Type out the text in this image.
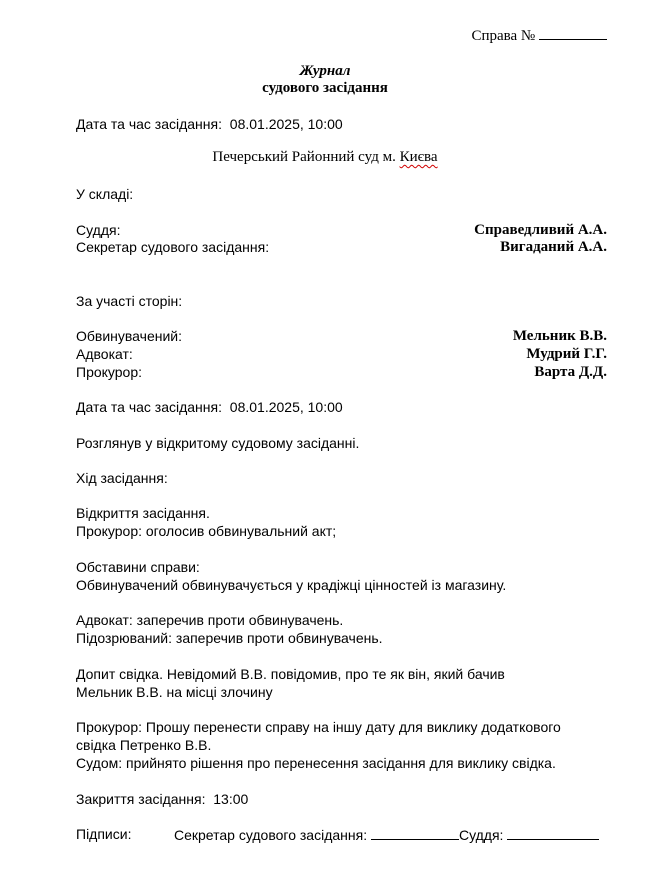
Справа №
Журнал
судового засідання
Дата та час засідання: 08.01.2025, 10:00
Печерський Районний суд м. Києва
У складі:
Суддя:	Справедливий А.А.
Секретар судового засідання:	Вигаданий А.А.
За участі сторін:
Обвинувачений:	Мельник В.В.
Адвокат:	Мудрий Г.Г.
Прокурор:	Варта Д.Д.
Дата та час засідання: 08.01.2025, 10:00
Розглянув у відкритому судовому засіданні.
Хід засідання:
Відкриття засідання.
Прокурор: оголосив обвинувальний акт;
Обставини справи:
Обвинувачений обвинувачується у крадіжці цінностей із магазину.
Адвокат: заперечив проти обвинувачень.
Підозрюваний: заперечив проти обвинувачень.
Допит свідка. Невідомий В.В. повідомив, про те як він, який бачив
Мельник В.В. на місці злочину
Прокурор: Прошу перенести справу на іншу дату для виклику додаткового
свідка Петренко В.В.
Судом: прийнято рішення про перенесення засідання для виклику свідка.
Закриття засідання: 13:00
Підписи:	Секретар судового засідання:	Суддя:
